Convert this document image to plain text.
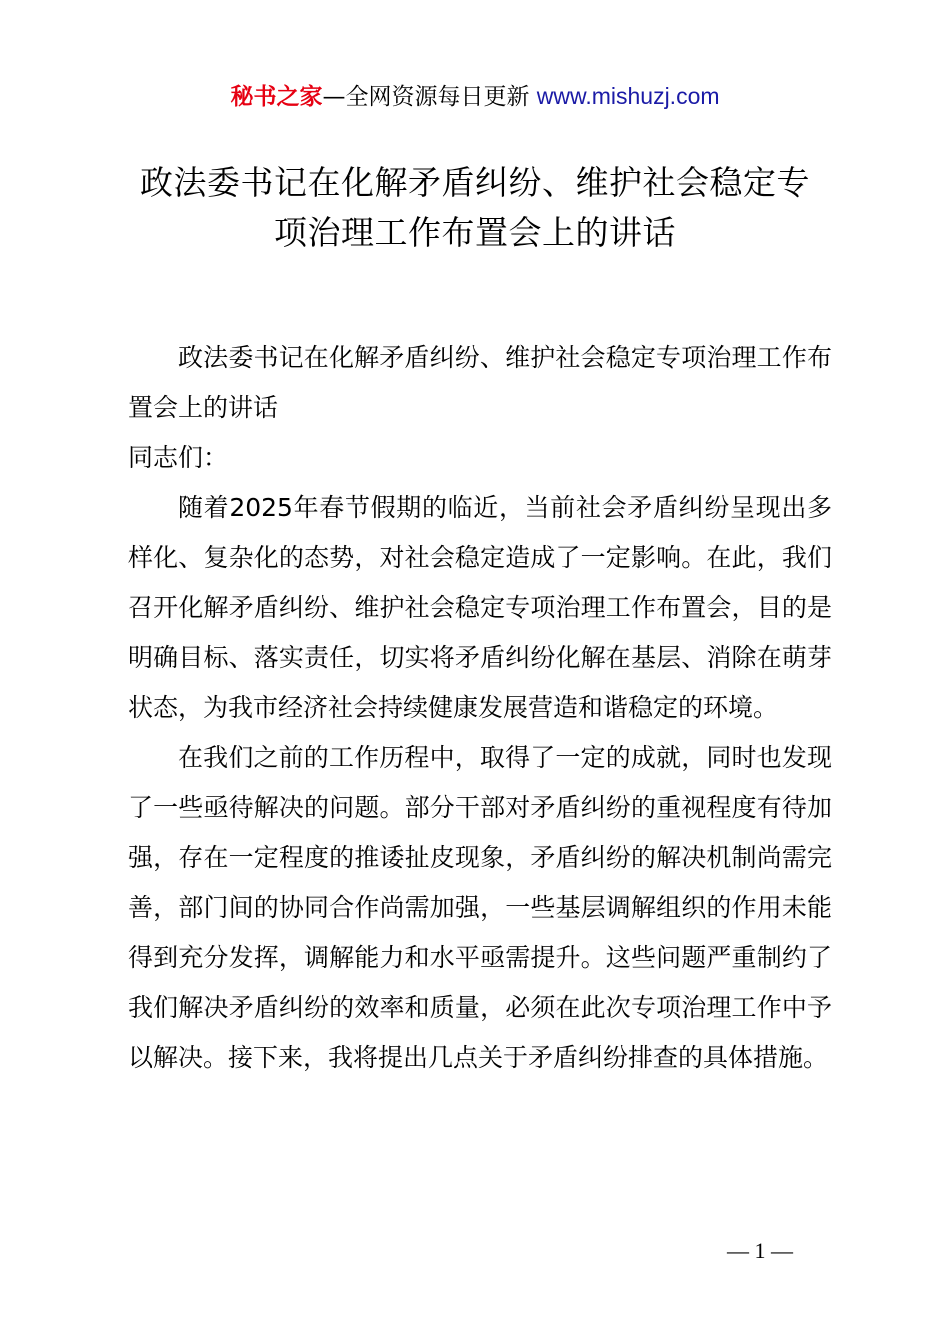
秘书之家—全网资源每日更新 www.mishuzj.com
政法委书记在化解矛盾纠纷、维护社会稳定专
项治理工作布置会上的讲话

政法委书记在化解矛盾纠纷、维护社会稳定专项治理工作布置会上的讲话

同志们：

随着2025年春节假期的临近，当前社会矛盾纠纷呈现出多样化、复杂化的态势，对社会稳定造成了一定影响。在此，我们召开化解矛盾纠纷、维护社会稳定专项治理工作布置会，目的是明确目标、落实责任，切实将矛盾纠纷化解在基层、消除在萌芽状态，为我市经济社会持续健康发展营造和谐稳定的环境。

在我们之前的工作历程中，取得了一定的成就，同时也发现了一些亟待解决的问题。部分干部对矛盾纠纷的重视程度有待加强，存在一定程度的推诿扯皮现象，矛盾纠纷的解决机制尚需完善，部门间的协同合作尚需加强，一些基层调解组织的作用未能得到充分发挥，调解能力和水平亟需提升。这些问题严重制约了我们解决矛盾纠纷的效率和质量，必须在此次专项治理工作中予以解决。接下来，我将提出几点关于矛盾纠纷排查的具体措施。

— 1 —
